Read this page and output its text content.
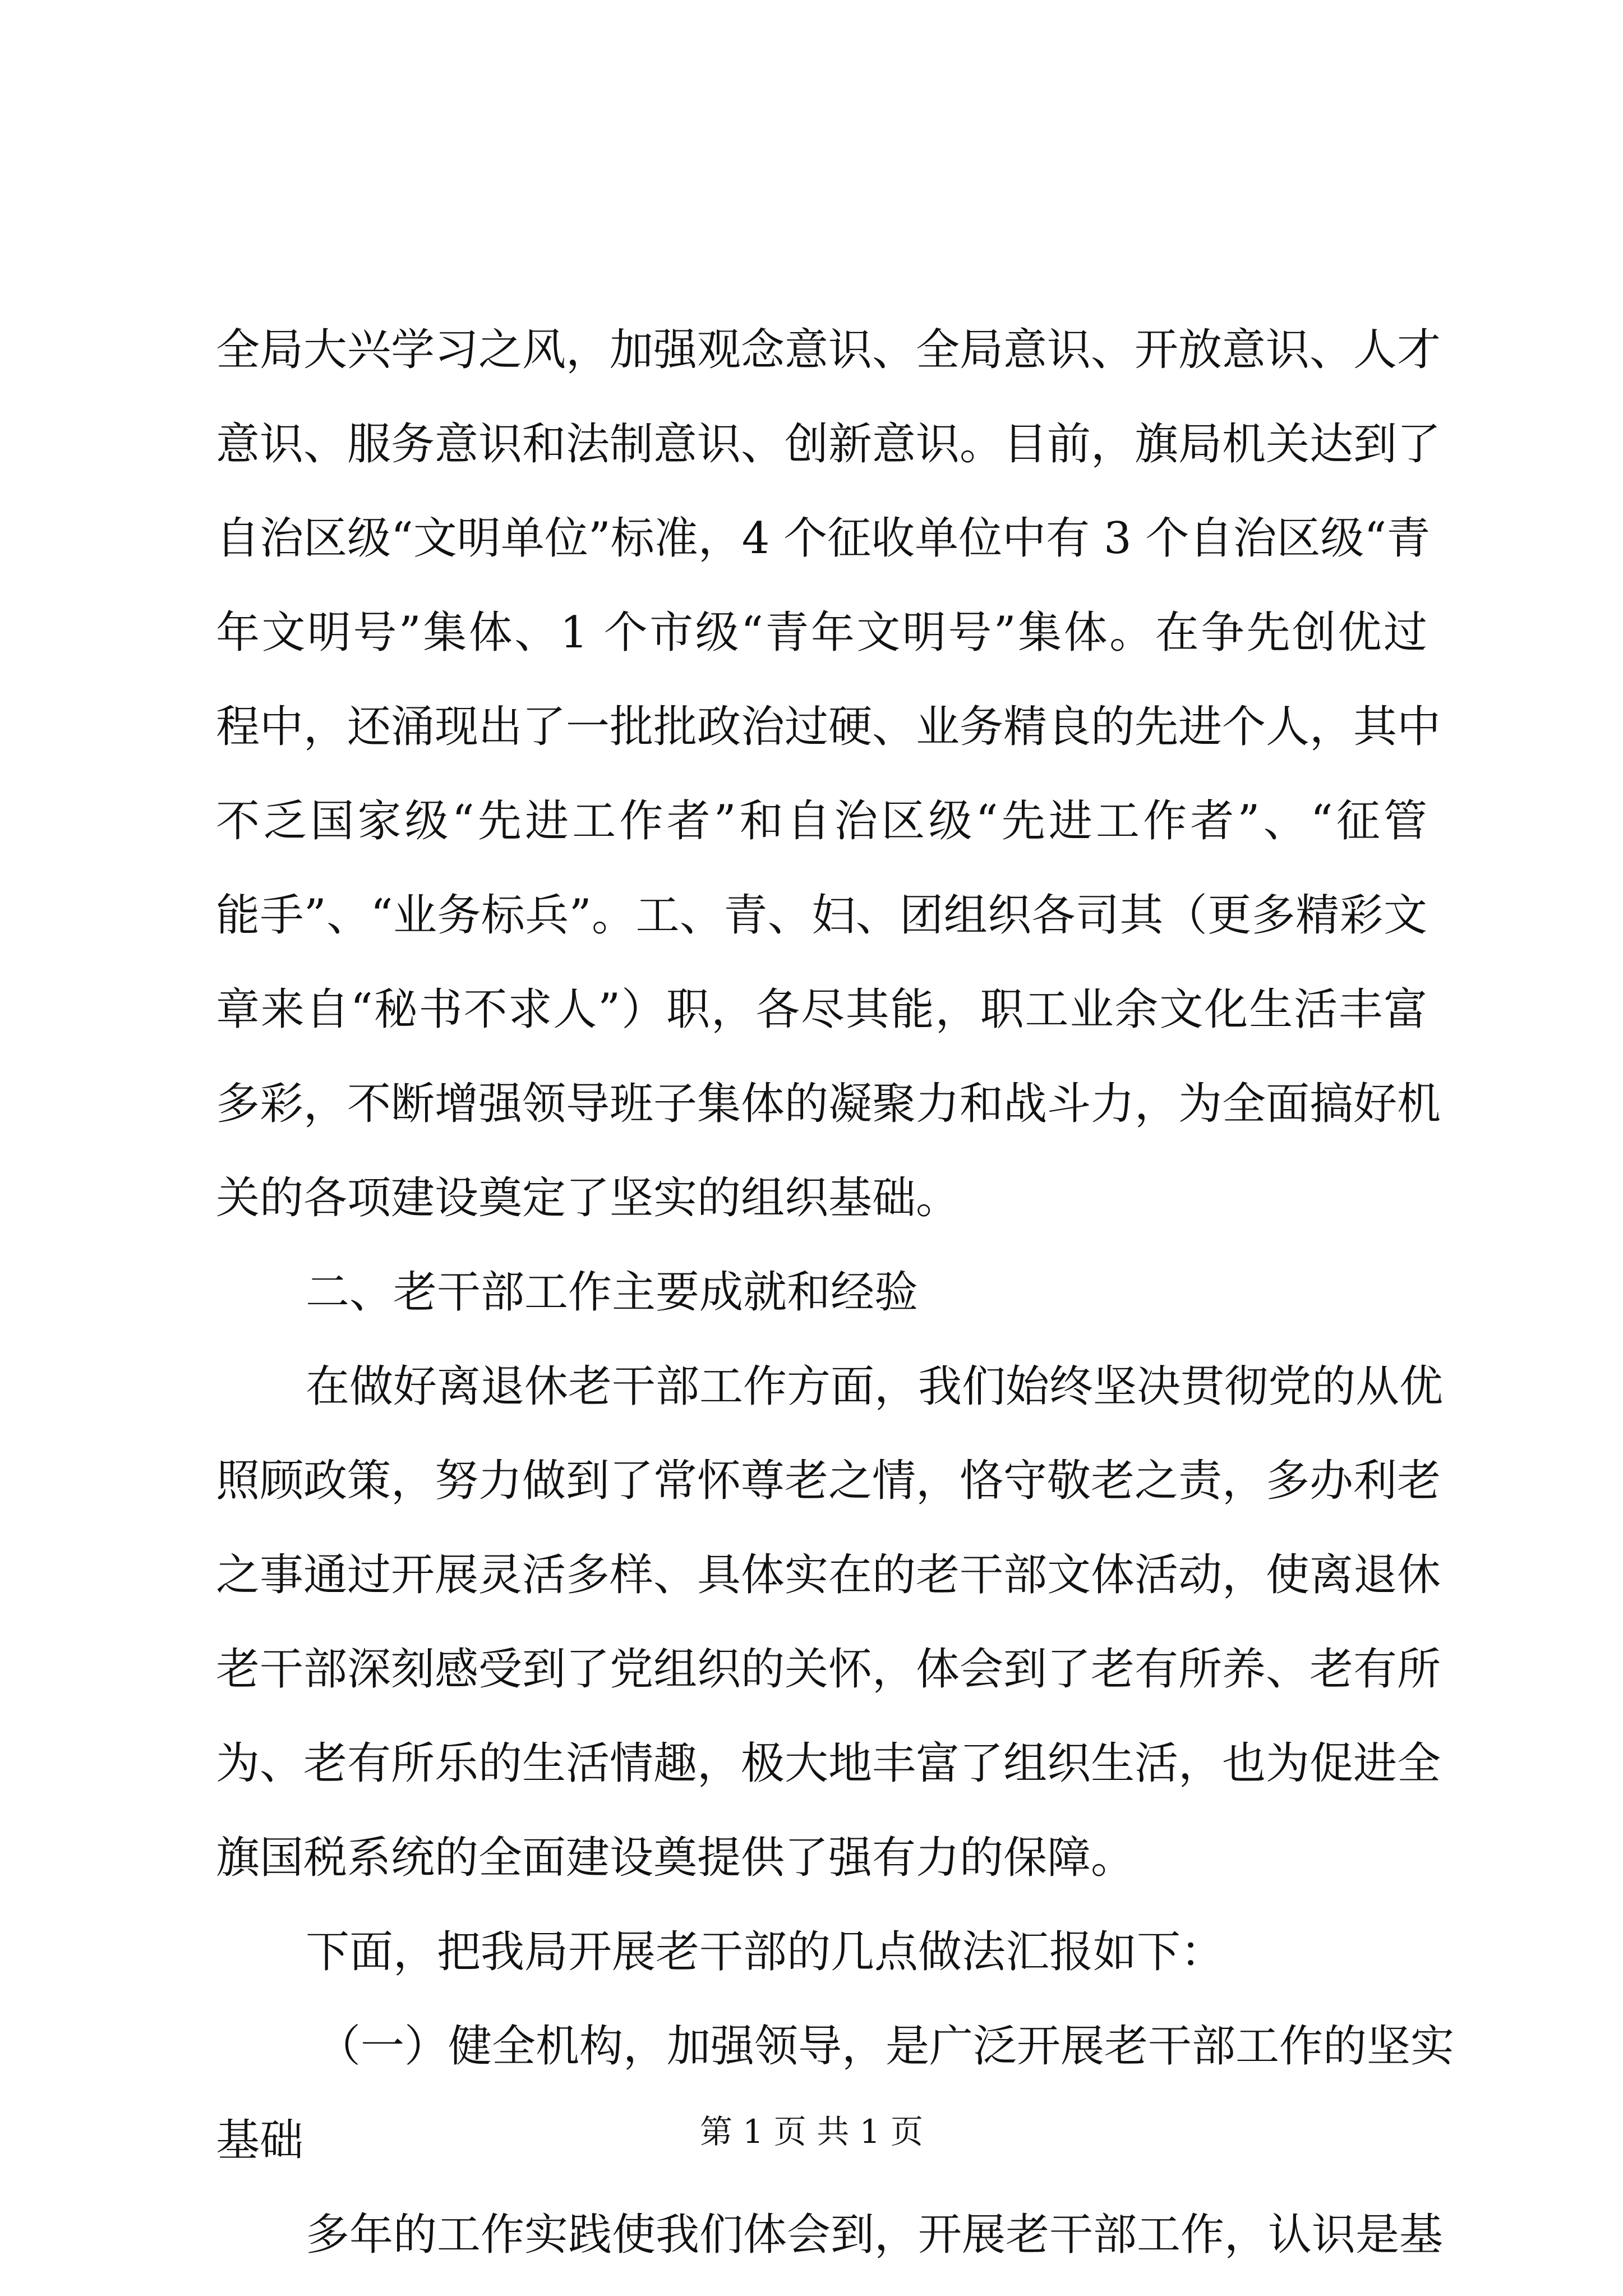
全局大兴学习之风，加强观念意识、全局意识、开放意识、人才
意识、服务意识和法制意识、创新意识。目前，旗局机关达到了
自治区级“文明单位”标准，4 个征收单位中有 3 个自治区级“青
年文明号”集体、1 个市级“青年文明号”集体。在争先创优过
程中，还涌现出了一批批政治过硬、业务精良的先进个人，其中
不乏国家级“先进工作者”和自治区级“先进工作者”、“征管
能手”、“业务标兵”。工、青、妇、团组织各司其（更多精彩文
章来自“秘书不求人”）职，各尽其能，职工业余文化生活丰富
多彩，不断增强领导班子集体的凝聚力和战斗力，为全面搞好机
关的各项建设奠定了坚实的组织基础。
二、老干部工作主要成就和经验
在做好离退休老干部工作方面，我们始终坚决贯彻党的从优
照顾政策，努力做到了常怀尊老之情，恪守敬老之责，多办利老
之事通过开展灵活多样、具体实在的老干部文体活动，使离退休
老干部深刻感受到了党组织的关怀，体会到了老有所养、老有所
为、老有所乐的生活情趣，极大地丰富了组织生活，也为促进全
旗国税系统的全面建设奠提供了强有力的保障。
下面，把我局开展老干部的几点做法汇报如下：
（一）健全机构，加强领导，是广泛开展老干部工作的坚实
基础
多年的工作实践使我们体会到，开展老干部工作，认识是基
第 1 页 共 1 页
